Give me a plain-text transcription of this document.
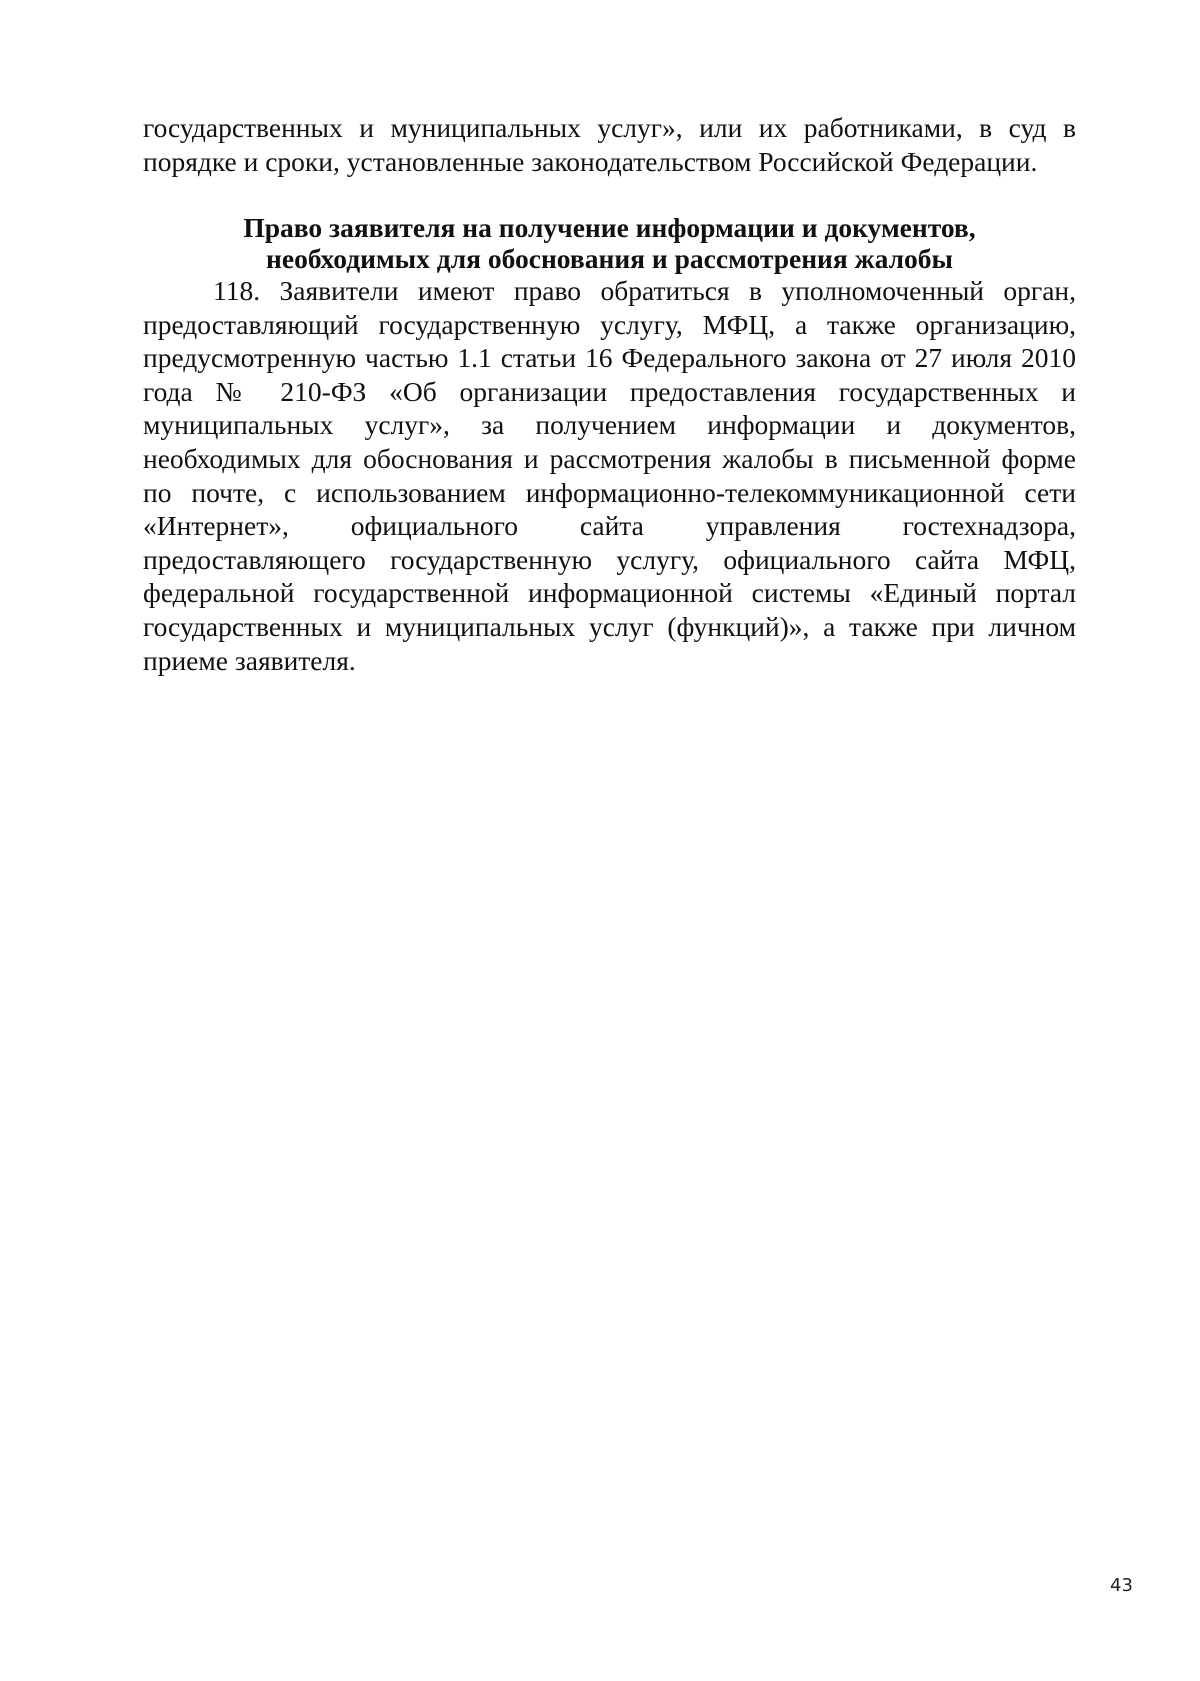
государственных и муниципальных услуг», или их работниками, в суд в порядке и сроки, установленные законодательством Российской Федерации.
Право заявителя на получение информации и документов,
необходимых для обоснования и рассмотрения жалобы
118. Заявители имеют право обратиться в уполномоченный орган, предоставляющий государственную услугу, МФЦ, а также организацию, предусмотренную частью 1.1 статьи 16 Федерального закона от 27 июля 2010 года № 210-ФЗ «Об организации предоставления государственных и муниципальных услуг», за получением информации и документов, необходимых для обоснования и рассмотрения жалобы в письменной форме по почте, с использованием информационно-телекоммуникационной сети «Интернет», официального сайта управления гостехнадзора, предоставляющего государственную услугу, официального сайта МФЦ, федеральной государственной информационной системы «Единый портал государственных и муниципальных услуг (функций)», а также при личном приеме заявителя.
43
